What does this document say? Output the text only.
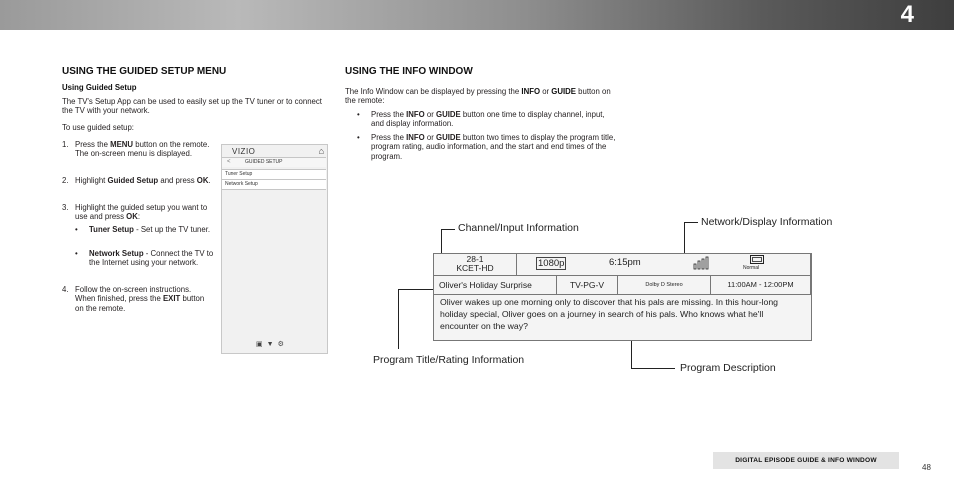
4
USING THE GUIDED SETUP MENU
Using Guided Setup
The TV's Setup App can be used to easily set up the TV tuner or to connect the TV with your network.
To use guided setup:
1. Press the MENU button on the remote. The on-screen menu is displayed.
2. Highlight Guided Setup and press OK.
3. Highlight the guided setup you want to use and press OK:
• Tuner Setup - Set up the TV tuner.
• Network Setup - Connect the TV to the Internet using your network.
4. Follow the on-screen instructions. When finished, press the EXIT button on the remote.
VIZIO	⌂
<	GUIDED SETUP
Tuner Setup
Network Setup
▣▼⚙
USING THE INFO WINDOW
The Info Window can be displayed by pressing the INFO or GUIDE button on the remote:
• Press the INFO or GUIDE button one time to display channel, input, and display information.
• Press the INFO or GUIDE button two times to display the program title, program rating, audio information, and the start and end times of the program.
Channel/Input Information	Network/Display Information
Program Title/Rating Information
Program Description
28-1
KCET-HD	1080p	6:15pm	Normal
Oliver's Holiday Surprise	TV-PG-V	Dolby D Stereo	11:00AM - 12:00PM
Oliver wakes up one morning only to discover that his pals are missing. In this hour-long holiday special, Oliver goes on a journey in search of his pals. Who knows what he'll encounter on the way?
DIGITAL EPISODE GUIDE & INFO WINDOW
48
